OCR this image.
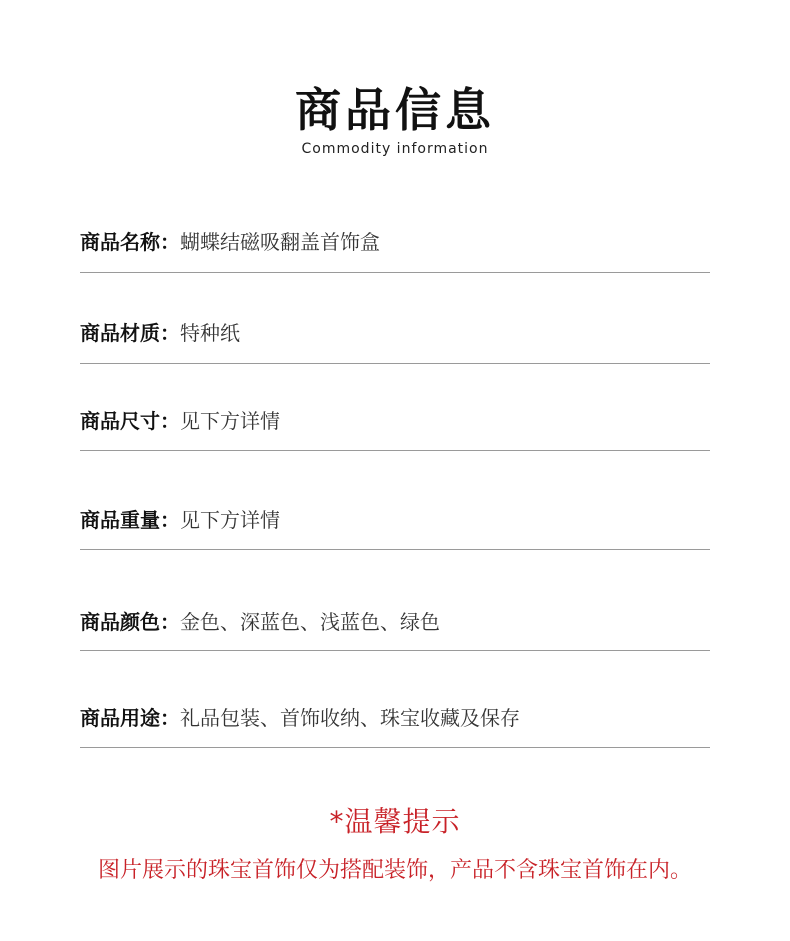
商品信息
Commodity information
商品名称：蝴蝶结磁吸翻盖首饰盒
商品材质：特种纸
商品尺寸：见下方详情
商品重量：见下方详情
商品颜色：金色、深蓝色、浅蓝色、绿色
商品用途：礼品包装、首饰收纳、珠宝收藏及保存
*温馨提示
图片展示的珠宝首饰仅为搭配装饰，产品不含珠宝首饰在内。
